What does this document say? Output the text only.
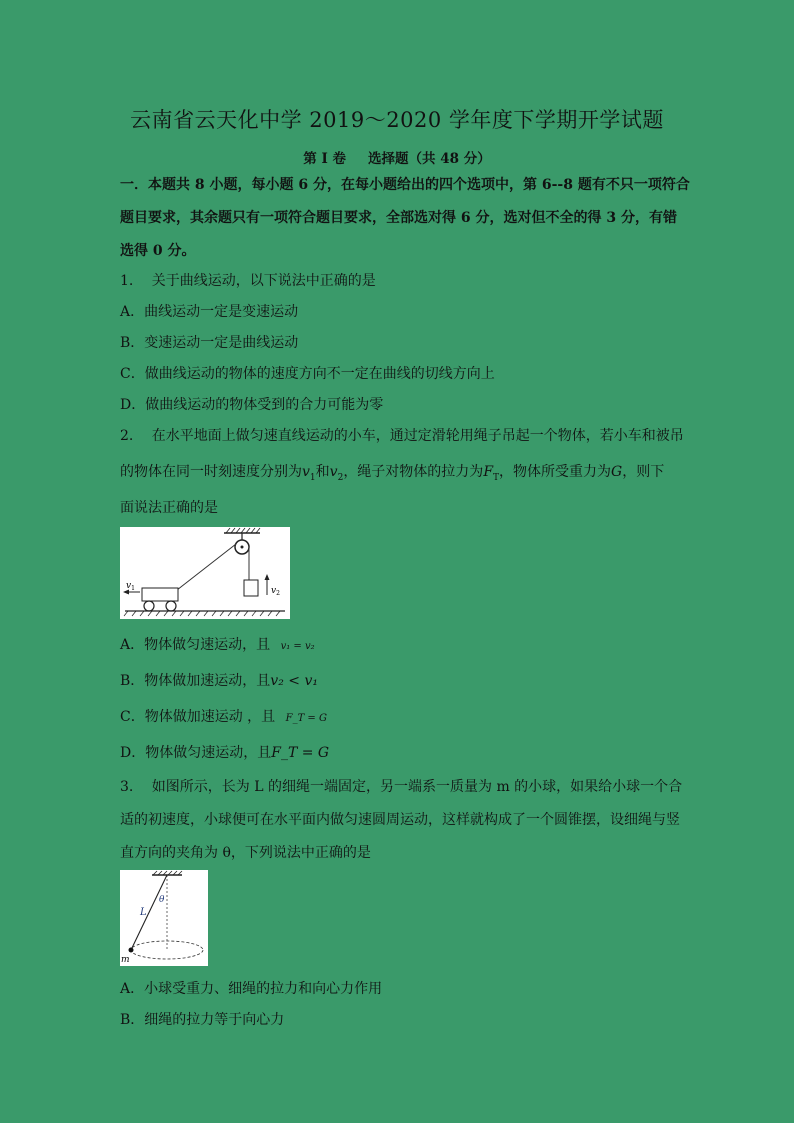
云南省云天化中学 2019～2020 学年度下学期开学试题
第 I 卷 选择题（共 48 分）
一．本题共 8 小题，每小题 6 分，在每小题给出的四个选项中，第 6--8 题有不只一项符合
题目要求，其余题只有一项符合题目要求，全部选对得 6 分，选对但不全的得 3 分，有错
选得 0 分。
1.　 关于曲线运动，以下说法中正确的是
A．曲线运动一定是变速运动
B．变速运动一定是曲线运动
C．做曲线运动的物体的速度方向不一定在曲线的切线方向上
D．做曲线运动的物体受到的合力可能为零
2.　 在水平地面上做匀速直线运动的小车，通过定滑轮用绳子吊起一个物体，若小车和被吊
的物体在同一时刻速度分别为$v_1$和$v_2$，绳子对物体的拉力为$F_T$，物体所受重力为G，则下
面说法正确的是
$v_2$
$v_1$
A．物体做匀速运动，且 v₁ = v₂
B．物体做加速运动，且v₂ < v₁
C．物体做加速运动 ，且 F_T = G
D．物体做匀速运动，且F_T = G
3.　 如图所示，长为 L 的细绳一端固定，另一端系一质量为 m 的小球，如果给小球一个合
适的初速度，小球便可在水平面内做匀速圆周运动，这样就构成了一个圆锥摆，设细绳与竖
直方向的夹角为 θ，下列说法中正确的是
θ
L
m
A．小球受重力、细绳的拉力和向心力作用
B．细绳的拉力等于向心力
